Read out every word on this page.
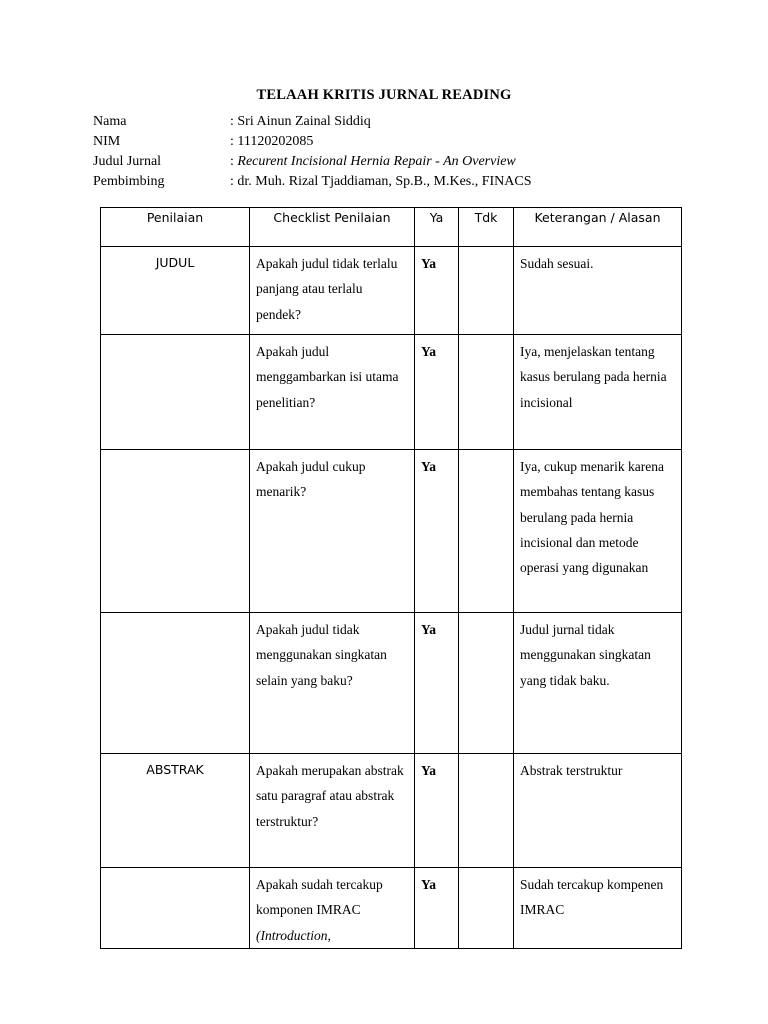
TELAAH KRITIS JURNAL READING
Nama	: Sri Ainun Zainal Siddiq
NIM	: 11120202085
Judul Jurnal	: Recurent Incisional Hernia Repair - An Overview
Pembimbing	: dr. Muh. Rizal Tjaddiaman, Sp.B., M.Kes., FINACS
Penilaian	Checklist Penilaian	Ya	Tdk	Keterangan / Alasan

JUDUL	Apakah judul tidak terlalu panjang atau terlalu pendek?	Ya		Sudah sesuai.

	Apakah judul menggambarkan isi utama penelitian?	Ya		Iya, menjelaskan tentang kasus berulang pada hernia incisional

	Apakah judul cukup menarik?	Ya		Iya, cukup menarik karena membahas tentang kasus berulang pada hernia incisional dan metode operasi yang digunakan

	Apakah judul tidak menggunakan singkatan selain yang baku?	Ya		Judul jurnal tidak menggunakan singkatan yang tidak baku.

ABSTRAK	Apakah merupakan abstrak satu paragraf atau abstrak terstruktur?	Ya		Abstrak terstruktur

	Apakah sudah tercakup komponen IMRAC (Introduction,	Ya		Sudah tercakup kompenen IMRAC
